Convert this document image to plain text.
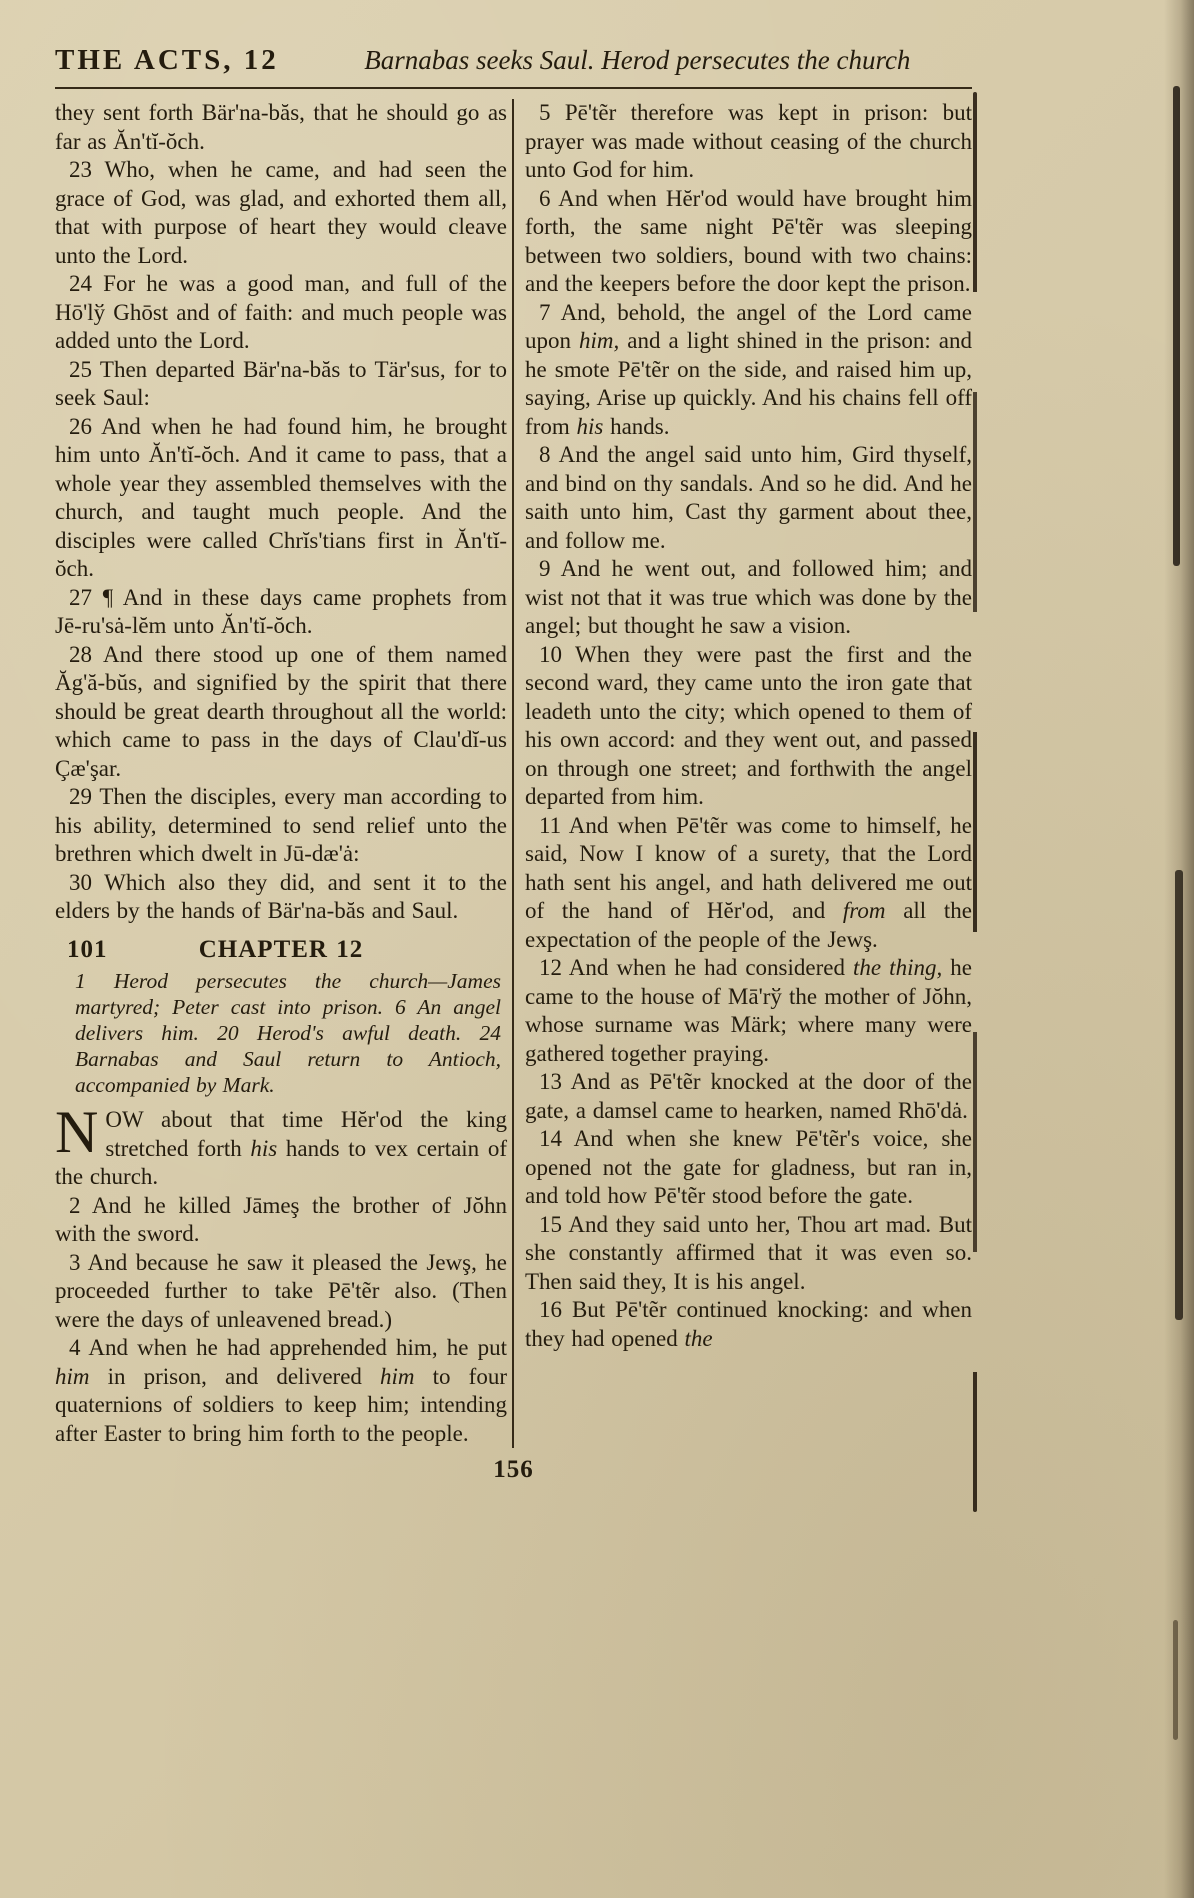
THE ACTS, 12	Barnabas seeks Saul. Herod persecutes the church

they sent forth Bär'na-băs, that he should go as far as Ăn'tĭ-ŏch.

23 Who, when he came, and had seen the grace of God, was glad, and exhorted them all, that with purpose of heart they would cleave unto the Lord.

24 For he was a good man, and full of the Hō'lў Ghōst and of faith: and much people was added unto the Lord.

25 Then departed Bär'na-băs to Tär'sus, for to seek Saul:

26 And when he had found him, he brought him unto Ăn'tĭ-ŏch. And it came to pass, that a whole year they assembled themselves with the church, and taught much people. And the disciples were called Chrĭs'tians first in Ăn'tĭ-ŏch.

27 ¶ And in these days came prophets from Jē-ru'sȧ-lĕm unto Ăn'tĭ-ŏch.

28 And there stood up one of them named Ăg'ă-bŭs, and signified by the spirit that there should be great dearth throughout all the world: which came to pass in the days of Clau'dĭ-us Çæ'şar.

29 Then the disciples, every man according to his ability, determined to send relief unto the brethren which dwelt in Jū-dæ'ȧ:

30 Which also they did, and sent it to the elders by the hands of Bär'na-băs and Saul.

101	CHAPTER 12
1 Herod persecutes the church—James martyred; Peter cast into prison. 6 An angel delivers him. 20 Herod's awful death. 24 Barnabas and Saul return to Antioch, accompanied by Mark.

NOW about that time Hĕr'od the king stretched forth his hands to vex certain of the church.

2 And he killed Jāmeş the brother of Jŏhn with the sword.

3 And because he saw it pleased the Jewş, he proceeded further to take Pē'tẽr also. (Then were the days of unleavened bread.)

4 And when he had apprehended him, he put him in prison, and delivered him to four quaternions of soldiers to keep him; intending after Easter to bring him forth to the people.

5 Pē'tẽr therefore was kept in prison: but prayer was made without ceasing of the church unto God for him.

6 And when Hĕr'od would have brought him forth, the same night Pē'tẽr was sleeping between two soldiers, bound with two chains: and the keepers before the door kept the prison.

7 And, behold, the angel of the Lord came upon him, and a light shined in the prison: and he smote Pē'tẽr on the side, and raised him up, saying, Arise up quickly. And his chains fell off from his hands.

8 And the angel said unto him, Gird thyself, and bind on thy sandals. And so he did. And he saith unto him, Cast thy garment about thee, and follow me.

9 And he went out, and followed him; and wist not that it was true which was done by the angel; but thought he saw a vision.

10 When they were past the first and the second ward, they came unto the iron gate that leadeth unto the city; which opened to them of his own accord: and they went out, and passed on through one street; and forthwith the angel departed from him.

11 And when Pē'tẽr was come to himself, he said, Now I know of a surety, that the Lord hath sent his angel, and hath delivered me out of the hand of Hĕr'od, and from all the expectation of the people of the Jewş.

12 And when he had considered the thing, he came to the house of Mā'rў the mother of Jŏhn, whose surname was Märk; where many were gathered together praying.

13 And as Pē'tẽr knocked at the door of the gate, a damsel came to hearken, named Rhō'dȧ.

14 And when she knew Pē'tẽr's voice, she opened not the gate for gladness, but ran in, and told how Pē'tẽr stood before the gate.

15 And they said unto her, Thou art mad. But she constantly affirmed that it was even so. Then said they, It is his angel.

16 But Pē'tẽr continued knocking: and when they had opened the

156
